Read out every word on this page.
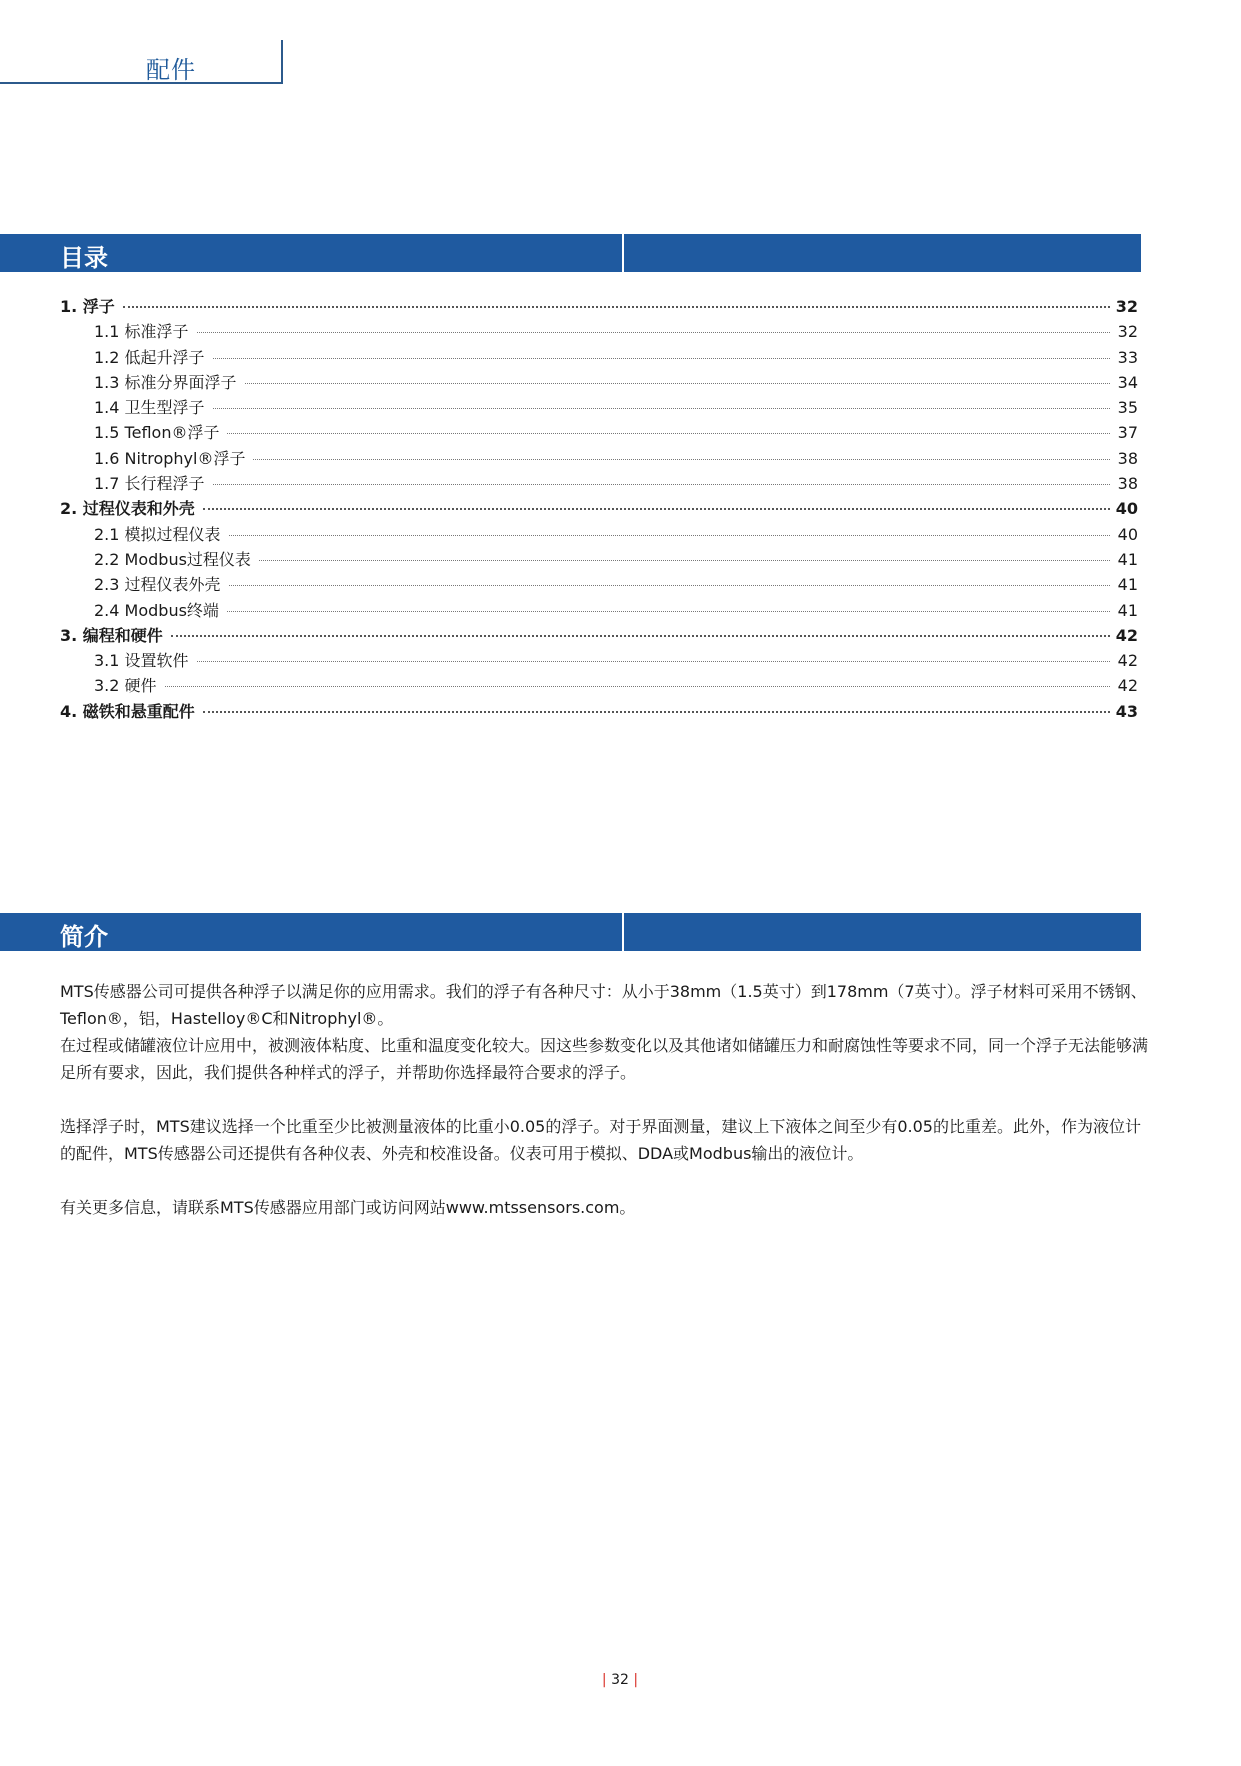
配件
目录
1. 浮子	32
1.1 标准浮子	32
1.2 低起升浮子	33
1.3 标准分界面浮子	34
1.4 卫生型浮子	35
1.5 Teflon®浮子	37
1.6 Nitrophyl®浮子	38
1.7 长行程浮子	38
2. 过程仪表和外壳	40
2.1 模拟过程仪表	40
2.2 Modbus过程仪表	41
2.3 过程仪表外壳	41
2.4 Modbus终端	41
3. 编程和硬件	42
3.1 设置软件	42
3.2 硬件	42
4. 磁铁和悬重配件	43
简介

MTS传感器公司可提供各种浮子以满足你的应用需求。我们的浮子有各种尺寸：从小于38mm（1.5英寸）到178mm（7英寸）。浮子材料可采用不锈钢、Teflon®，铝，Hastelloy®C和Nitrophyl®。

在过程或储罐液位计应用中，被测液体粘度、比重和温度变化较大。因这些参数变化以及其他诸如储罐压力和耐腐蚀性等要求不同，同一个浮子无法能够满足所有要求，因此，我们提供各种样式的浮子，并帮助你选择最符合要求的浮子。

选择浮子时，MTS建议选择一个比重至少比被测量液体的比重小0.05的浮子。对于界面测量，建议上下液体之间至少有0.05的比重差。此外，作为液位计的配件，MTS传感器公司还提供有各种仪表、外壳和校准设备。仪表可用于模拟、DDA或Modbus输出的液位计。

有关更多信息，请联系MTS传感器应用部门或访问网站www.mtssensors.com。

| 32 |
